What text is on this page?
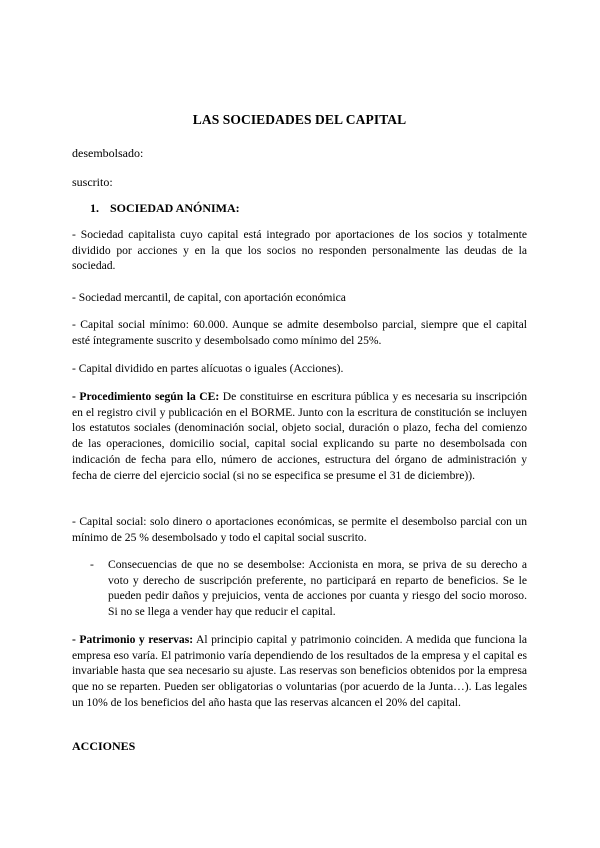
LAS SOCIEDADES DEL CAPITAL
desembolsado:
suscrito:
1. SOCIEDAD ANÓNIMA:
- Sociedad capitalista cuyo capital está integrado por aportaciones de los socios y totalmente dividido por acciones y en la que los socios no responden personalmente las deudas de la sociedad.
- Sociedad mercantil, de capital, con aportación económica
- Capital social mínimo: 60.000. Aunque se admite desembolso parcial, siempre que el capital esté íntegramente suscrito y desembolsado como mínimo del 25%.
- Capital dividido en partes alícuotas o iguales (Acciones).
- Procedimiento según la CE: De constituirse en escritura pública y es necesaria su inscripción en el registro civil y publicación en el BORME. Junto con la escritura de constitución se incluyen los estatutos sociales (denominación social, objeto social, duración o plazo, fecha del comienzo de las operaciones, domicilio social, capital social explicando su parte no desembolsada con indicación de fecha para ello, número de acciones, estructura del órgano de administración y fecha de cierre del ejercicio social (si no se especifica se presume el 31 de diciembre)).
- Capital social: solo dinero o aportaciones económicas, se permite el desembolso parcial con un mínimo de 25 % desembolsado y todo el capital social suscrito.
- Consecuencias de que no se desembolse: Accionista en mora, se priva de su derecho a voto y derecho de suscripción preferente, no participará en reparto de beneficios. Se le pueden pedir daños y prejuicios, venta de acciones por cuanta y riesgo del socio moroso. Si no se llega a vender hay que reducir el capital.
- Patrimonio y reservas: Al principio capital y patrimonio coinciden. A medida que funciona la empresa eso varía. El patrimonio varía dependiendo de los resultados de la empresa y el capital es invariable hasta que sea necesario su ajuste. Las reservas son beneficios obtenidos por la empresa que no se reparten. Pueden ser obligatorias o voluntarias (por acuerdo de la Junta…). Las legales un 10% de los beneficios del año hasta que las reservas alcancen el 20% del capital.
ACCIONES
